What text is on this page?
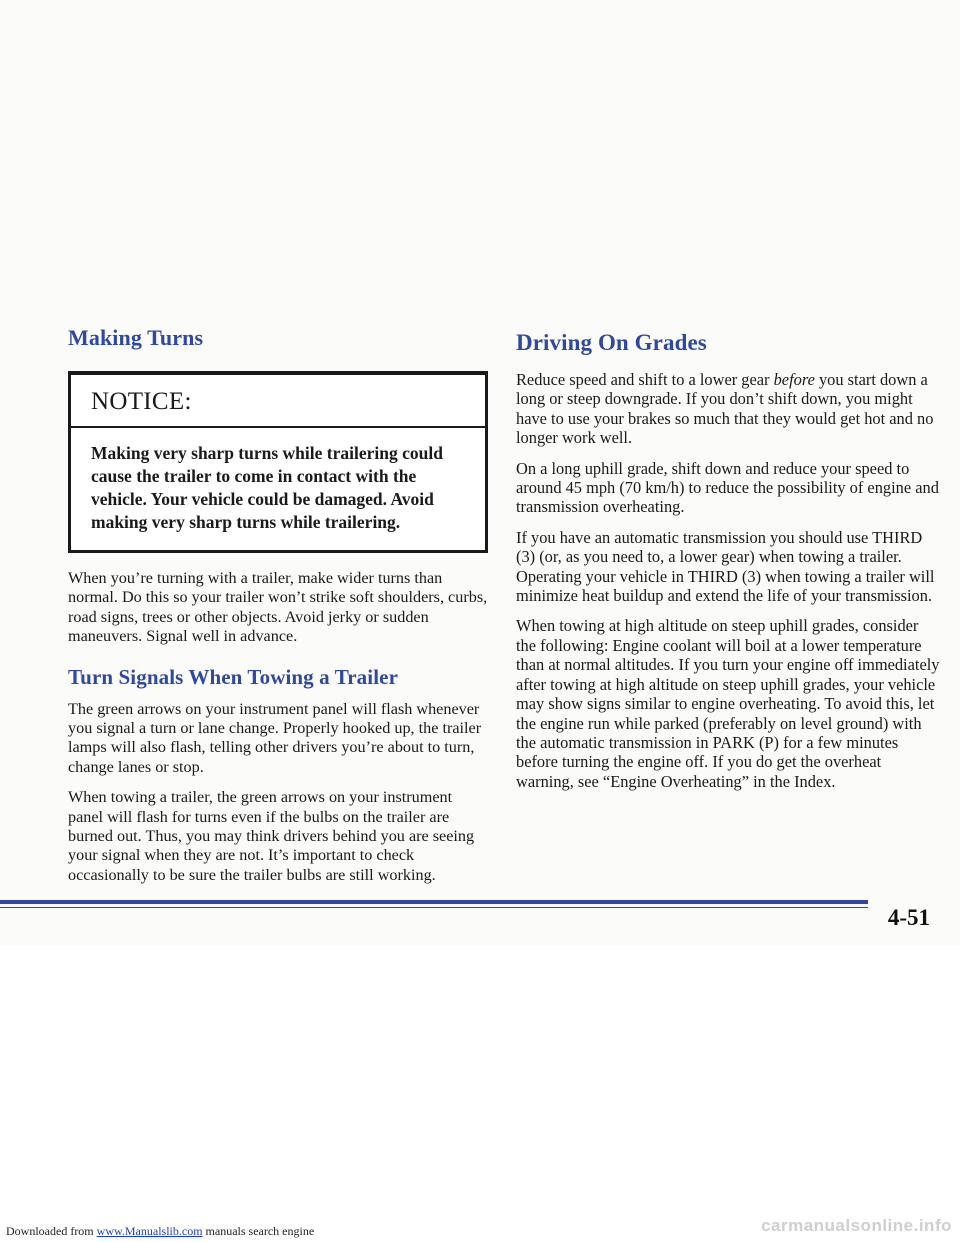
Making Turns
NOTICE:
Making very sharp turns while trailering could cause the trailer to come in contact with the vehicle. Your vehicle could be damaged. Avoid making very sharp turns while trailering.

When you’re turning with a trailer, make wider turns than normal. Do this so your trailer won’t strike soft shoulders, curbs, road signs, trees or other objects. Avoid jerky or sudden maneuvers. Signal well in advance.

Turn Signals When Towing a Trailer

The green arrows on your instrument panel will flash whenever you signal a turn or lane change. Properly hooked up, the trailer lamps will also flash, telling other drivers you’re about to turn, change lanes or stop.

When towing a trailer, the green arrows on your instrument panel will flash for turns even if the bulbs on the trailer are burned out. Thus, you may think drivers behind you are seeing your signal when they are not. It’s important to check occasionally to be sure the trailer bulbs are still working.

Driving On Grades

Reduce speed and shift to a lower gear before you start down a long or steep downgrade. If you don’t shift down, you might have to use your brakes so much that they would get hot and no longer work well.

On a long uphill grade, shift down and reduce your speed to around 45 mph (70 km/h) to reduce the possibility of engine and transmission overheating.

If you have an automatic transmission you should use THIRD (3) (or, as you need to, a lower gear) when towing a trailer. Operating your vehicle in THIRD (3) when towing a trailer will minimize heat buildup and extend the life of your transmission.

When towing at high altitude on steep uphill grades, consider the following: Engine coolant will boil at a lower temperature than at normal altitudes. If you turn your engine off immediately after towing at high altitude on steep uphill grades, your vehicle may show signs similar to engine overheating. To avoid this, let the engine run while parked (preferably on level ground) with the automatic transmission in PARK (P) for a few minutes before turning the engine off. If you do get the overheat warning, see “Engine Overheating” in the Index.

4-51
Downloaded from www.Manualslib.com manuals search engine	carmanualsonline.info
